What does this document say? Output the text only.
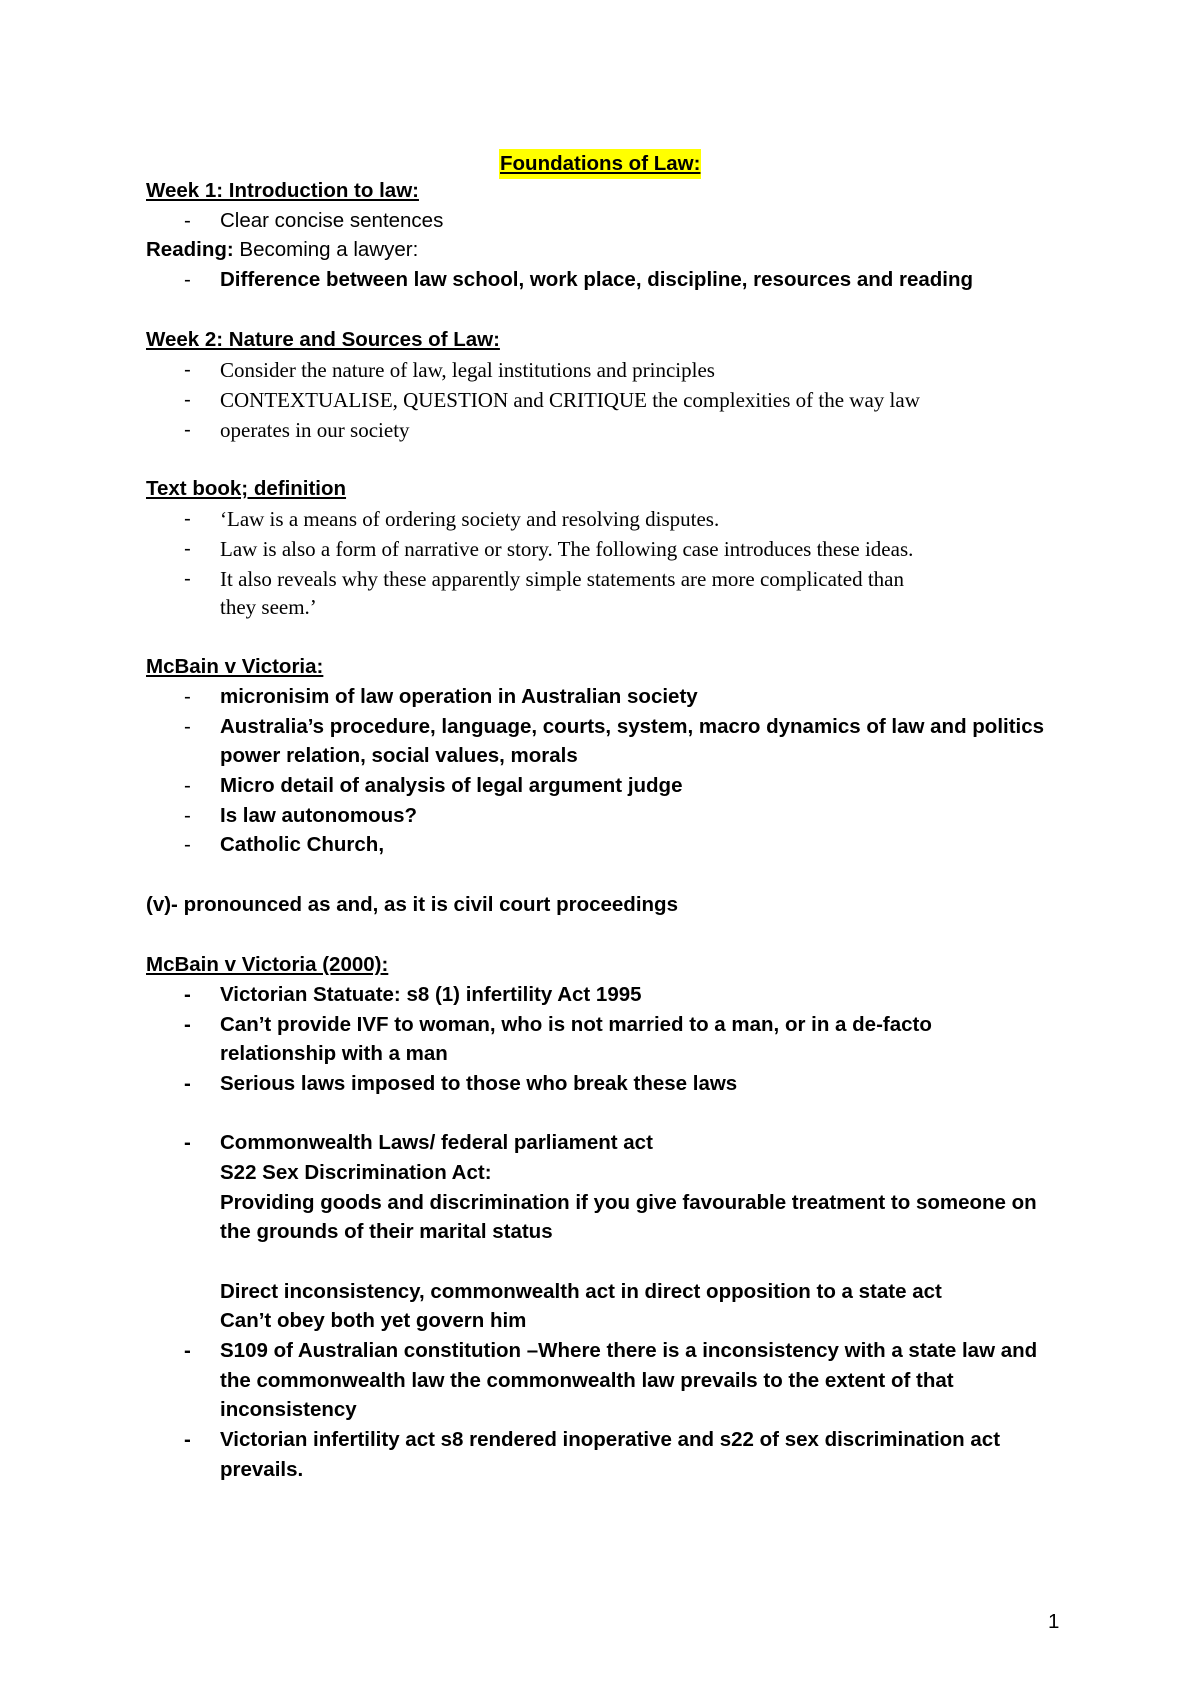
Foundations of Law:
Week 1: Introduction to law:
- Clear concise sentences
Reading: Becoming a lawyer:
- Difference between law school, work place, discipline, resources and reading
Week 2: Nature and Sources of Law:
- Consider the nature of law, legal institutions and principles
- CONTEXTUALISE, QUESTION and CRITIQUE the complexities of the way law
- operates in our society
Text book; definition
- ‘Law is a means of ordering society and resolving disputes.
- Law is also a form of narrative or story. The following case introduces these ideas.
- It also reveals why these apparently simple statements are more complicated than
they seem.’
McBain v Victoria:
- micronisim of law operation in Australian society
- Australia’s procedure, language, courts, system, macro dynamics of law and politics
power relation, social values, morals
- Micro detail of analysis of legal argument judge
- Is law autonomous?
- Catholic Church,
(v)- pronounced as and, as it is civil court proceedings
McBain v Victoria (2000):
- Victorian Statuate: s8 (1) infertility Act 1995
- Can’t provide IVF to woman, who is not married to a man, or in a de-facto
relationship with a man
- Serious laws imposed to those who break these laws
- Commonwealth Laws/ federal parliament act
S22 Sex Discrimination Act:
Providing goods and discrimination if you give favourable treatment to someone on
the grounds of their marital status
Direct inconsistency, commonwealth act in direct opposition to a state act
Can’t obey both yet govern him
- S109 of Australian constitution –Where there is a inconsistency with a state law and
the commonwealth law the commonwealth law prevails to the extent of that
inconsistency
- Victorian infertility act s8 rendered inoperative and s22 of sex discrimination act
prevails.
1
